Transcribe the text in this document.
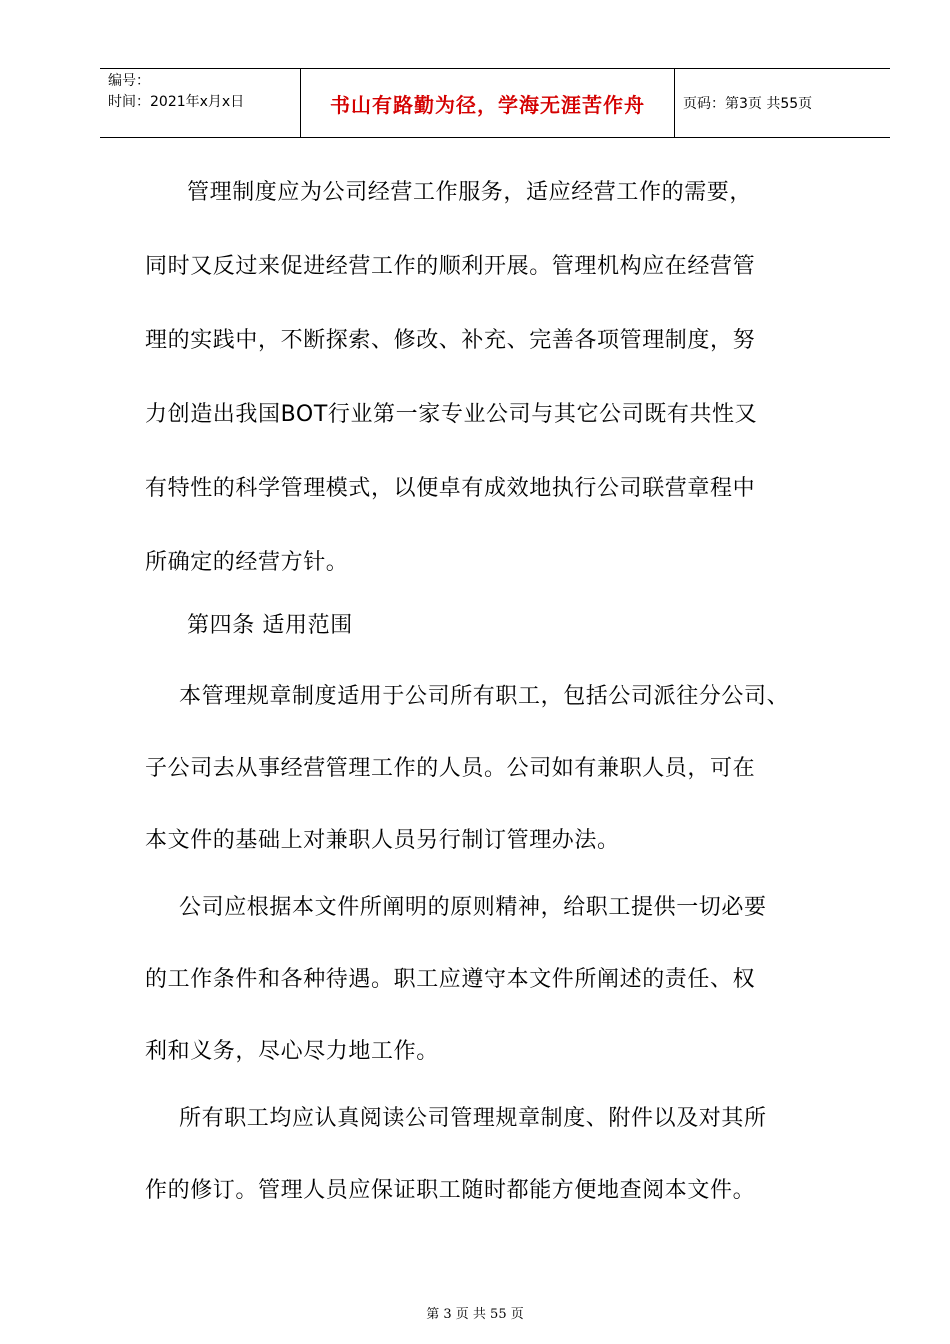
编号：
时间：2021年x月x日	书山有路勤为径，学海无涯苦作舟	页码：第3页 共55页
管理制度应为公司经营工作服务，适应经营工作的需要，
同时又反过来促进经营工作的顺利开展。管理机构应在经营管
理的实践中，不断探索、修改、补充、完善各项管理制度，努
力创造出我国BOT行业第一家专业公司与其它公司既有共性又
有特性的科学管理模式，以便卓有成效地执行公司联营章程中
所确定的经营方针。
第四条 适用范围
本管理规章制度适用于公司所有职工，包括公司派往分公司、
子公司去从事经营管理工作的人员。公司如有兼职人员，可在
本文件的基础上对兼职人员另行制订管理办法。
公司应根据本文件所阐明的原则精神，给职工提供一切必要
的工作条件和各种待遇。职工应遵守本文件所阐述的责任、权
利和义务，尽心尽力地工作。
所有职工均应认真阅读公司管理规章制度、附件以及对其所
作的修订。管理人员应保证职工随时都能方便地查阅本文件。
第 3 页 共 55 页
